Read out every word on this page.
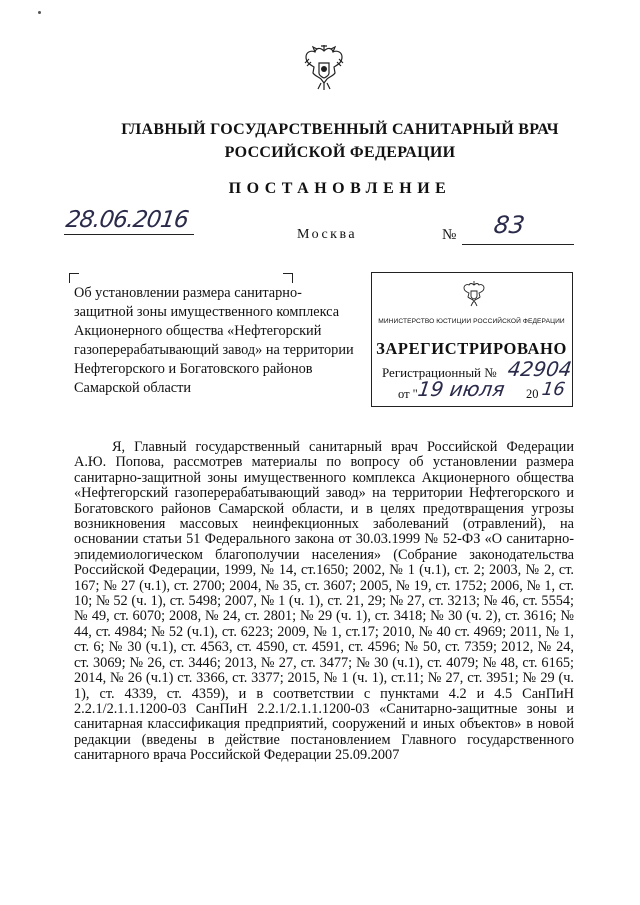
ГЛАВНЫЙ ГОСУДАРСТВЕННЫЙ САНИТАРНЫЙ ВРАЧ
РОССИЙСКОЙ ФЕДЕРАЦИИ
ПОСТАНОВЛЕНИЕ
28.06.2016
Москва	№ 83
Об установлении размера санитарно-защитной зоны имущественного комплекса Акционерного общества «Нефтегорский газоперерабатывающий завод» на территории Нефтегорского и Богатовского районов Самарской области
МИНИСТЕРСТВО ЮСТИЦИИ РОССИЙСКОЙ ФЕДЕРАЦИИ
ЗАРЕГИСТРИРОВАНО
Регистрационный № 42904
от "
19 июля 20 16
Я, Главный государственный санитарный врач Российской Федерации А.Ю. Попова, рассмотрев материалы по вопросу об установлении размера санитарно-защитной зоны имущественного комплекса Акционерного общества «Нефтегорский газоперерабатывающий завод» на территории Нефтегорского и Богатовского районов Самарской области, и в целях предотвращения угрозы возникновения массовых неинфекционных заболеваний (отравлений), на основании статьи 51 Федерального закона от 30.03.1999 № 52-ФЗ «О санитарно-эпидемиологическом благополучии населения» (Собрание законодательства Российской Федерации, 1999, № 14, ст.1650; 2002, № 1 (ч.1), ст. 2; 2003, № 2, ст. 167; № 27 (ч.1), ст. 2700; 2004, № 35, ст. 3607; 2005, № 19, ст. 1752; 2006, № 1, ст. 10; № 52 (ч. 1), ст. 5498; 2007, № 1 (ч. 1), ст. 21, 29; № 27, ст. 3213; № 46, ст. 5554; № 49, ст. 6070; 2008, № 24, ст. 2801; № 29 (ч. 1), ст. 3418; № 30 (ч. 2), ст. 3616; № 44, ст. 4984; № 52 (ч.1), ст. 6223; 2009, № 1, ст.17; 2010, № 40 ст. 4969; 2011, № 1, ст. 6; № 30 (ч.1), ст. 4563, ст. 4590, ст. 4591, ст. 4596; № 50, ст. 7359; 2012, № 24, ст. 3069; № 26, ст. 3446; 2013, № 27, ст. 3477; № 30 (ч.1), ст. 4079; № 48, ст. 6165; 2014, № 26 (ч.1) ст. 3366, ст. 3377; 2015, № 1 (ч. 1), ст.11; № 27, ст. 3951; № 29 (ч. 1), ст. 4339, ст. 4359), и в соответствии с пунктами 4.2 и 4.5 СанПиН 2.2.1/2.1.1.1200-03 СанПиН 2.2.1/2.1.1.1200-03 «Санитарно-защитные зоны и санитарная классификация предприятий, сооружений и иных объектов» в новой редакции (введены в действие постановлением Главного государственного санитарного врача Российской Федерации 25.09.2007
